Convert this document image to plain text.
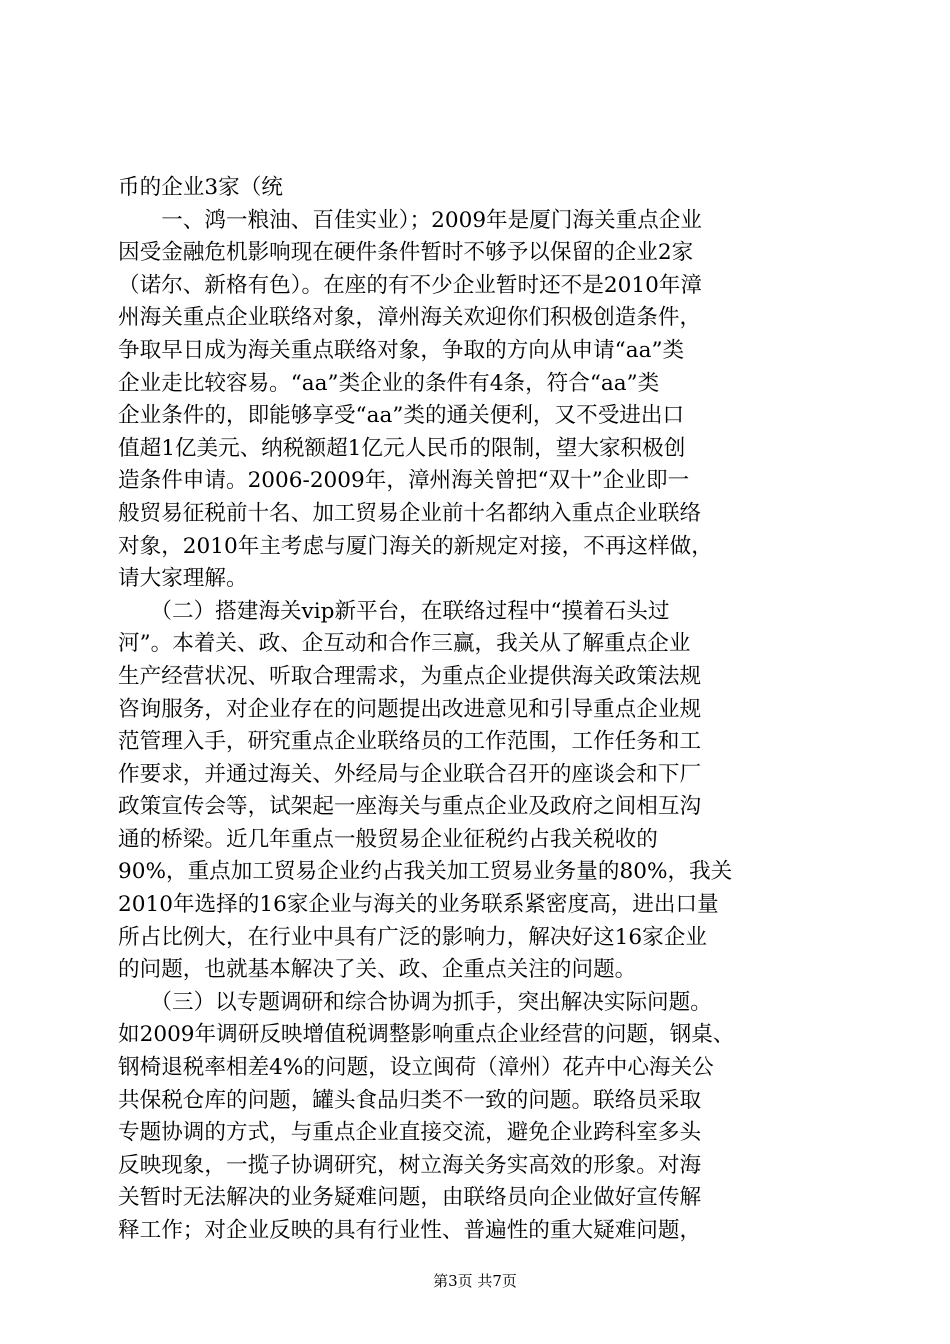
币的企业3家（统
　　一、鸿一粮油、百佳实业）；2009年是厦门海关重点企业
因受金融危机影响现在硬件条件暂时不够予以保留的企业2家
（诺尔、新格有色）。在座的有不少企业暂时还不是2010年漳
州海关重点企业联络对象，漳州海关欢迎你们积极创造条件，
争取早日成为海关重点联络对象，争取的方向从申请“aa”类
企业走比较容易。“aa”类企业的条件有4条，符合“aa”类
企业条件的，即能够享受“aa”类的通关便利，又不受进出口
值超1亿美元、纳税额超1亿元人民币的限制，望大家积极创
造条件申请。2006-2009年，漳州海关曾把“双十”企业即一
般贸易征税前十名、加工贸易企业前十名都纳入重点企业联络
对象，2010年主考虑与厦门海关的新规定对接，不再这样做，
请大家理解。
　　（二）搭建海关vip新平台，在联络过程中“摸着石头过
河”。本着关、政、企互动和合作三赢，我关从了解重点企业
生产经营状况、听取合理需求，为重点企业提供海关政策法规
咨询服务，对企业存在的问题提出改进意见和引导重点企业规
范管理入手，研究重点企业联络员的工作范围，工作任务和工
作要求，并通过海关、外经局与企业联合召开的座谈会和下厂
政策宣传会等，试架起一座海关与重点企业及政府之间相互沟
通的桥梁。近几年重点一般贸易企业征税约占我关税收的
90%，重点加工贸易企业约占我关加工贸易业务量的80%，我关
2010年选择的16家企业与海关的业务联系紧密度高，进出口量
所占比例大，在行业中具有广泛的影响力，解决好这16家企业
的问题，也就基本解决了关、政、企重点关注的问题。
　　（三）以专题调研和综合协调为抓手，突出解决实际问题。
如2009年调研反映增值税调整影响重点企业经营的问题，钢桌、
钢椅退税率相差4%的问题，设立闽荷（漳州）花卉中心海关公
共保税仓库的问题，罐头食品归类不一致的问题。联络员采取
专题协调的方式，与重点企业直接交流，避免企业跨科室多头
反映现象，一揽子协调研究，树立海关务实高效的形象。对海
关暂时无法解决的业务疑难问题，由联络员向企业做好宣传解
释工作；对企业反映的具有行业性、普遍性的重大疑难问题，
第3页 共7页
